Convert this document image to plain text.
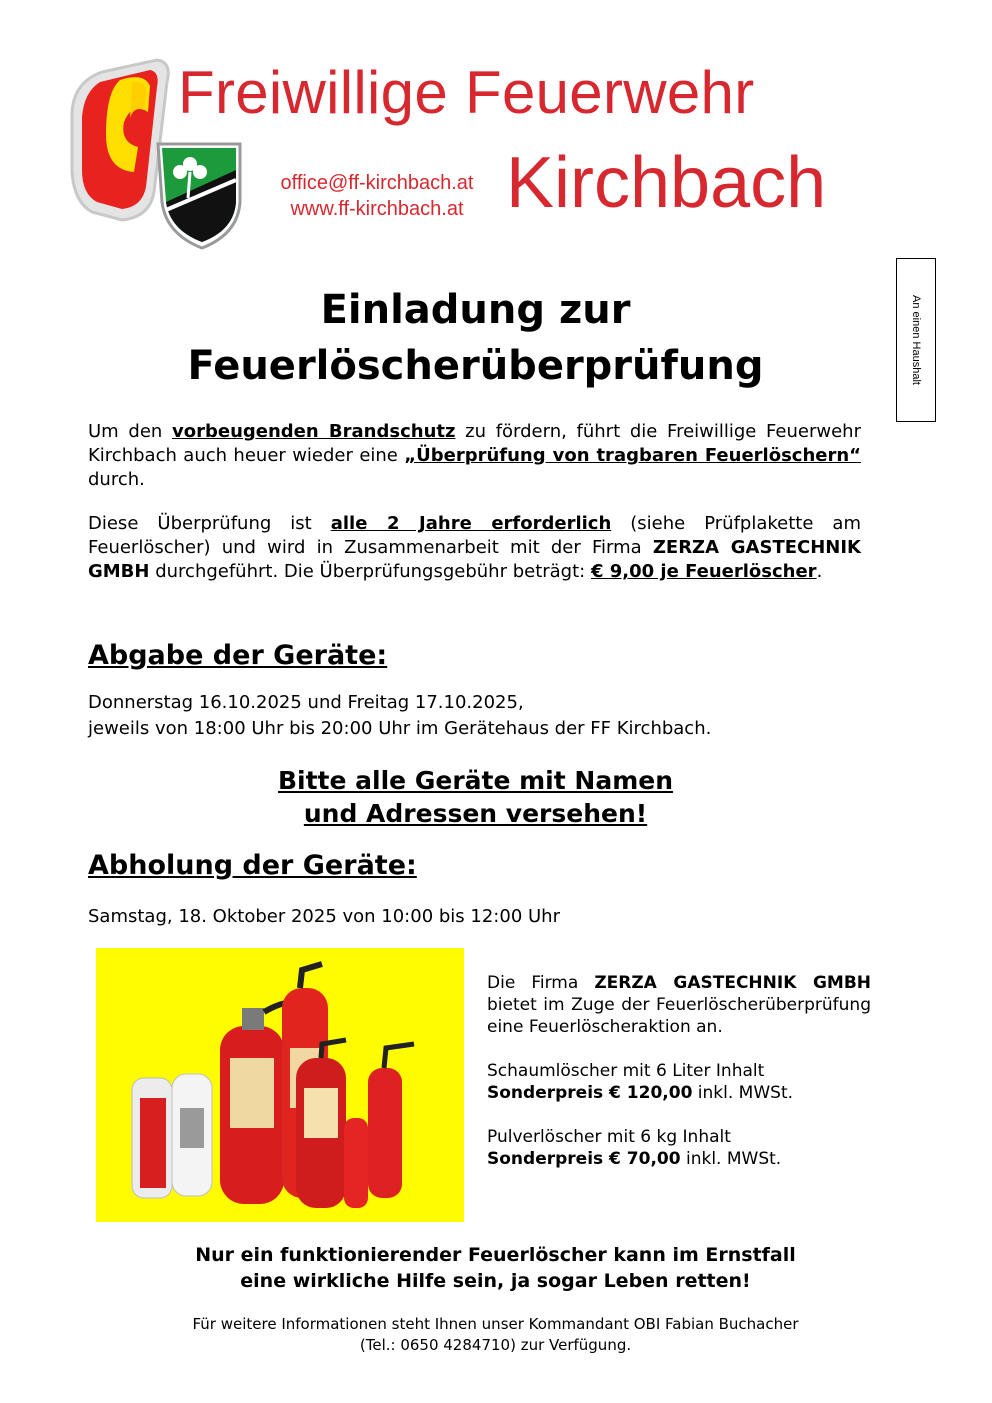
Freiwillige Feuerwehr
Kirchbach
office@ff-kirchbach.at
www.ff-kirchbach.at
An einen Haushalt
Einladung zur
Feuerlöscherüberprüfung
Um den vorbeugenden Brandschutz zu fördern, führt die Freiwillige Feuerwehr Kirchbach auch heuer wieder eine „Überprüfung von tragbaren Feuerlöschern“ durch.
Diese Überprüfung ist alle 2 Jahre erforderlich (siehe Prüfplakette am Feuerlöscher) und wird in Zusammenarbeit mit der Firma ZERZA GASTECHNIK GMBH durchgeführt. Die Überprüfungsgebühr beträgt: € 9,00 je Feuerlöscher.
Abgabe der Geräte:
Donnerstag 16.10.2025 und Freitag 17.10.2025,
jeweils von 18:00 Uhr bis 20:00 Uhr im Gerätehaus der FF Kirchbach.
Bitte alle Geräte mit Namen
und Adressen versehen!
Abholung der Geräte:
Samstag, 18. Oktober 2025 von 10:00 bis 12:00 Uhr

Die Firma ZERZA GASTECHNIK GMBH bietet im Zuge der Feuerlöscherüberprüfung eine Feuerlöscheraktion an.

Schaumlöscher mit 6 Liter Inhalt
Sonderpreis € 120,00 inkl. MWSt.

Pulverlöscher mit 6 kg Inhalt
Sonderpreis € 70,00 inkl. MWSt.

Nur ein funktionierender Feuerlöscher kann im Ernstfall
eine wirkliche Hilfe sein, ja sogar Leben retten!
Für weitere Informationen steht Ihnen unser Kommandant OBI Fabian Buchacher
(Tel.: 0650 4284710) zur Verfügung.
